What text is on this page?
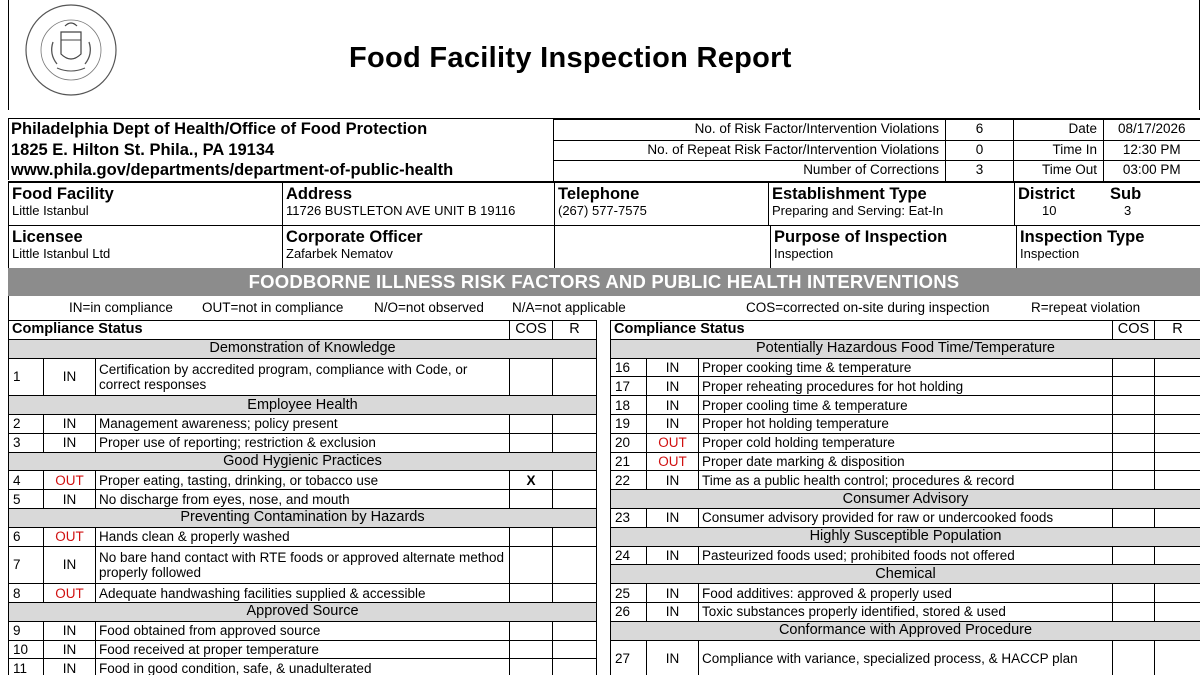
Food Facility Inspection Report
Philadelphia Dept of Health/Office of Food Protection
1825 E. Hilton St. Phila., PA 19134
www.phila.gov/departments/department-of-public-health
No. of Risk Factor/Intervention Violations	6	Date	08/17/2026
No. of Repeat Risk Factor/Intervention Violations	0	Time In	12:30 PM
Number of Corrections	3	Time Out	03:00 PM
Food Facility
Little Istanbul
Address
11726 BUSTLETON AVE UNIT B 19116
Telephone
(267) 577-7575
Establishment Type
Preparing and Serving: Eat-In
District
10
Sub
3
Licensee
Little Istanbul Ltd
Corporate Officer
Zafarbek Nematov
Purpose of Inspection
Inspection
Inspection Type
Inspection
FOODBORNE ILLNESS RISK FACTORS AND PUBLIC HEALTH INTERVENTIONS
IN=in compliance OUT=not in compliance N/O=not observed N/A=not applicable	COS=corrected on-site during inspection	R=repeat violation
Compliance Status			COS	R
Demonstration of Knowledge				
1	IN	Certification by accredited program, compliance with Code, or correct responses		
Employee Health				
2	IN	Management awareness; policy present		
3	IN	Proper use of reporting; restriction & exclusion		
Good Hygienic Practices				
4	OUT	Proper eating, tasting, drinking, or tobacco use	X	
5	IN	No discharge from eyes, nose, and mouth		
Preventing Contamination by Hazards				
6	OUT	Hands clean & properly washed		
7	IN	No bare hand contact with RTE foods or approved alternate method properly followed		
8	OUT	Adequate handwashing facilities supplied & accessible		
Approved Source				
9	IN	Food obtained from approved source		
10	IN	Food received at proper temperature		
11	IN	Food in good condition, safe, & unadulterated		
Compliance Status			COS	R
Potentially Hazardous Food Time/Temperature				
16	IN	Proper cooking time & temperature		
17	IN	Proper reheating procedures for hot holding		
18	IN	Proper cooling time & temperature		
19	IN	Proper hot holding temperature		
20	OUT	Proper cold holding temperature		
21	OUT	Proper date marking & disposition		
22	IN	Time as a public health control; procedures & record		
Consumer Advisory				
23	IN	Consumer advisory provided for raw or undercooked foods		
Highly Susceptible Population				
24	IN	Pasteurized foods used; prohibited foods not offered		
Chemical				
25	IN	Food additives: approved & properly used		
26	IN	Toxic substances properly identified, stored & used		
Conformance with Approved Procedure				
27	IN	Compliance with variance, specialized process, & HACCP plan		
